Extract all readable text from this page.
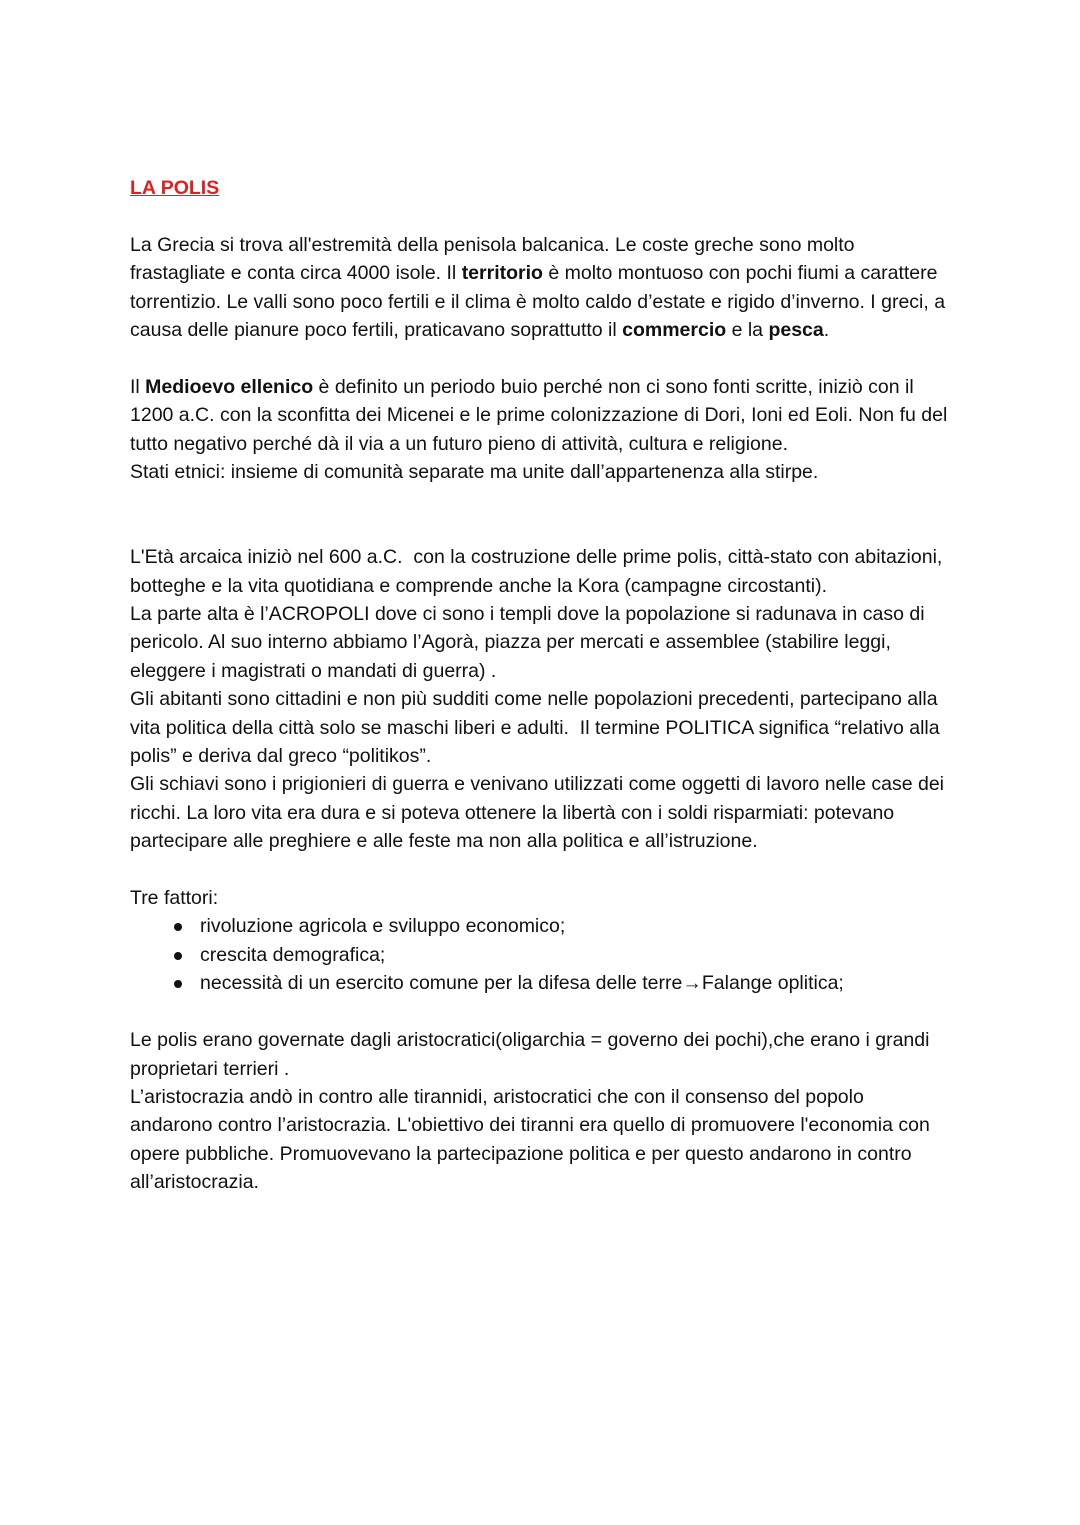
LA POLIS

La Grecia si trova all'estremità della penisola balcanica. Le coste greche sono molto frastagliate e conta circa 4000 isole. Il territorio è molto montuoso con pochi fiumi a carattere torrentizio. Le valli sono poco fertili e il clima è molto caldo d’estate e rigido d’inverno. I greci, a causa delle pianure poco fertili, praticavano soprattutto il commercio e la pesca.

Il Medioevo ellenico è definito un periodo buio perché non ci sono fonti scritte, iniziò con il 1200 a.C. con la sconfitta dei Micenei e le prime colonizzazione di Dori, Ioni ed Eoli. Non fu del tutto negativo perché dà il via a un futuro pieno di attività, cultura e religione.

Stati etnici: insieme di comunità separate ma unite dall’appartenenza alla stirpe.

L'Età arcaica iniziò nel 600 a.C.  con la costruzione delle prime polis, città-stato con abitazioni, botteghe e la vita quotidiana e comprende anche la Kora (campagne circostanti).

La parte alta è l’ACROPOLI dove ci sono i templi dove la popolazione si radunava in caso di pericolo. Al suo interno abbiamo l’Agorà, piazza per mercati e assemblee (stabilire leggi, eleggere i magistrati o mandati di guerra) .

Gli abitanti sono cittadini e non più sudditi come nelle popolazioni precedenti, partecipano alla vita politica della città solo se maschi liberi e adulti.  Il termine POLITICA significa “relativo alla polis” e deriva dal greco “politikos”.

Gli schiavi sono i prigionieri di guerra e venivano utilizzati come oggetti di lavoro nelle case dei ricchi. La loro vita era dura e si poteva ottenere la libertà con i soldi risparmiati: potevano partecipare alle preghiere e alle feste ma non alla politica e all’istruzione.

Tre fattori:

rivoluzione agricola e sviluppo economico;
crescita demografica;
necessità di un esercito comune per la difesa delle terre→Falange oplitica;

Le polis erano governate dagli aristocratici(oligarchia = governo dei pochi),che erano i grandi proprietari terrieri .

L’aristocrazia andò in contro alle tirannidi, aristocratici che con il consenso del popolo andarono contro l’aristocrazia. L'obiettivo dei tiranni era quello di promuovere l'economia con opere pubbliche. Promuovevano la partecipazione politica e per questo andarono in contro all’aristocrazia.
